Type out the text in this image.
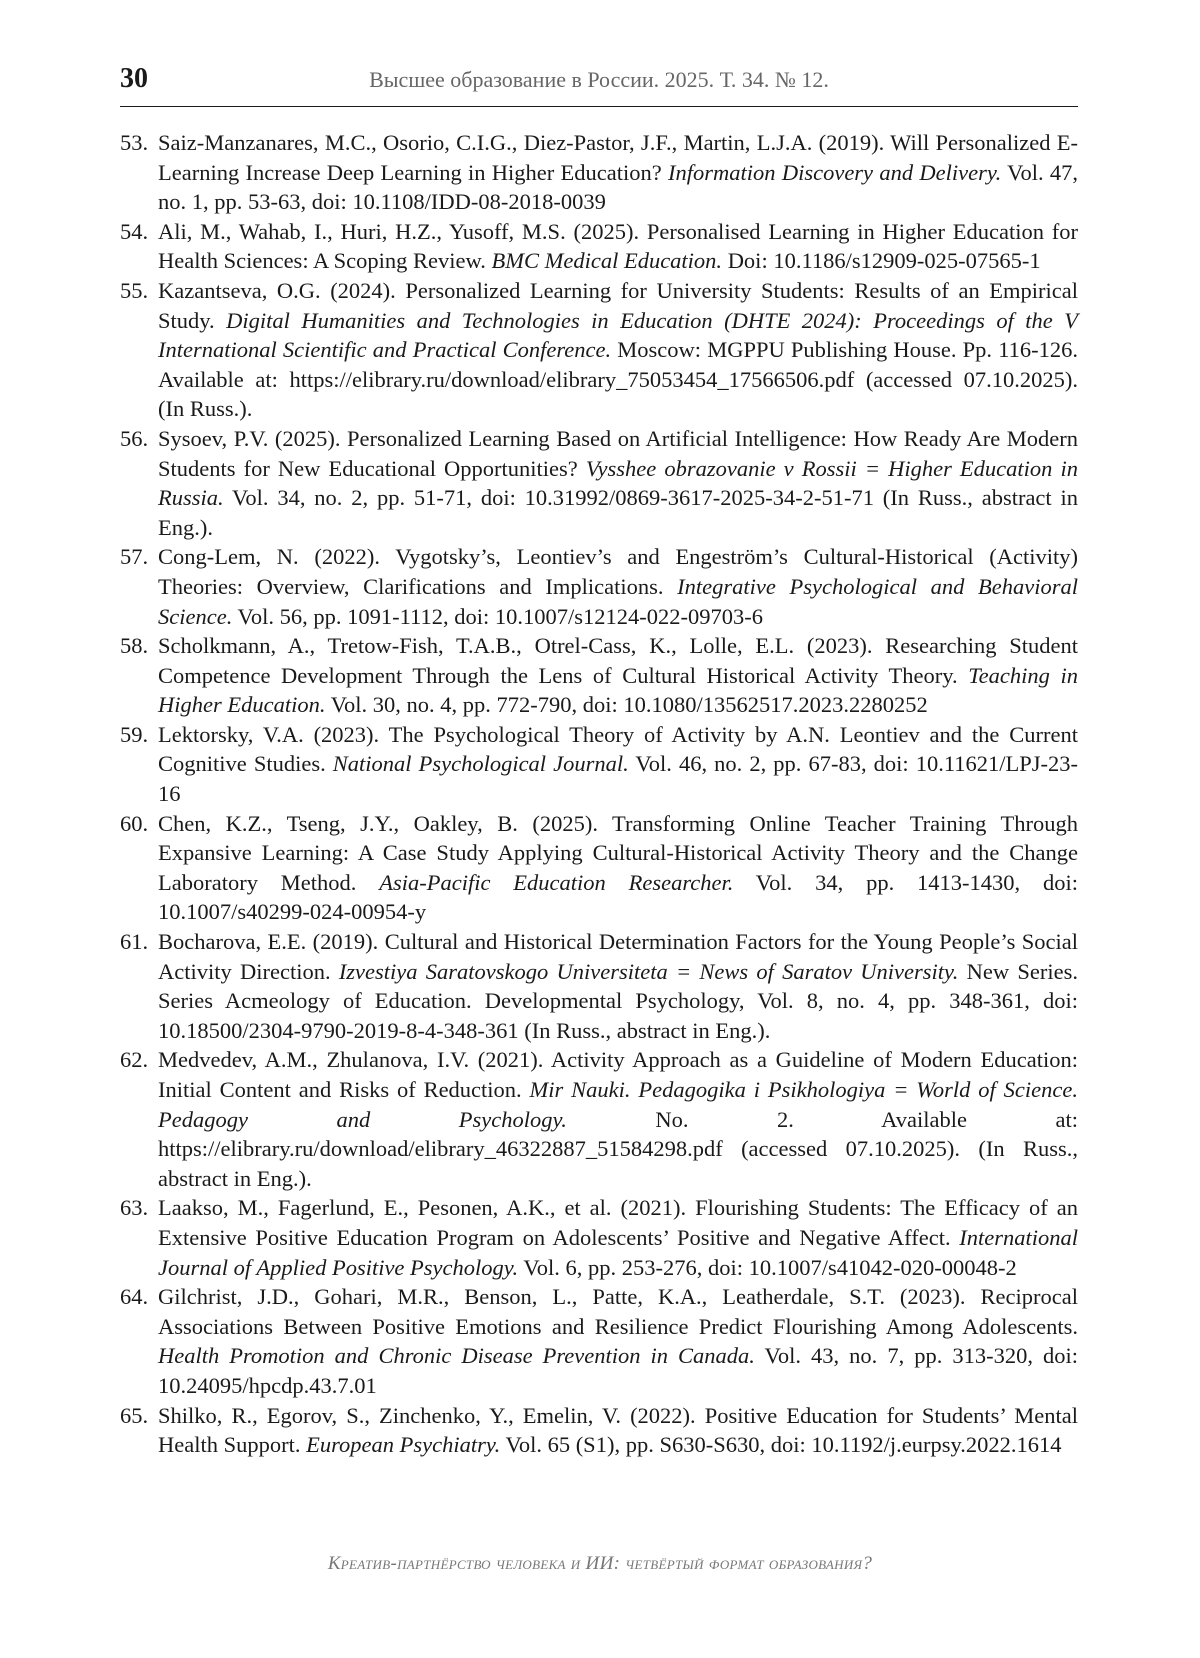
30	Высшее образование в России. 2025. Т. 34. № 12.
53. Saiz-Manzanares, M.C., Osorio, C.I.G., Diez-Pastor, J.F., Martin, L.J.A. (2019). Will Personalized E-Learning Increase Deep Learning in Higher Education? Information Discovery and Delivery. Vol. 47, no. 1, pp. 53-63, doi: 10.1108/IDD-08-2018-0039
54. Ali, M., Wahab, I., Huri, H.Z., Yusoff, M.S. (2025). Personalised Learning in Higher Education for Health Sciences: A Scoping Review. BMC Medical Education. Doi: 10.1186/s12909-025-07565-1
55. Kazantseva, O.G. (2024). Personalized Learning for University Students: Results of an Empirical Study. Digital Humanities and Technologies in Education (DHTE 2024): Proceedings of the V International Scientific and Practical Conference. Moscow: MGPPU Publishing House. Pp. 116-126. Available at: https://elibrary.ru/download/elibrary_75053454_17566506.pdf (accessed 07.10.2025). (In Russ.).
56. Sysoev, P.V. (2025). Personalized Learning Based on Artificial Intelligence: How Ready Are Modern Students for New Educational Opportunities? Vysshee obrazovanie v Rossii = Higher Education in Russia. Vol. 34, no. 2, pp. 51-71, doi: 10.31992/0869-3617-2025-34-2-51-71 (In Russ., abstract in Eng.).
57. Cong-Lem, N. (2022). Vygotsky’s, Leontiev’s and Engeström’s Cultural-Historical (Activity) Theories: Overview, Clarifications and Implications. Integrative Psychological and Behavioral Science. Vol. 56, pp. 1091-1112, doi: 10.1007/s12124-022-09703-6
58. Scholkmann, A., Tretow-Fish, T.A.B., Otrel-Cass, K., Lolle, E.L. (2023). Researching Student Competence Development Through the Lens of Cultural Historical Activity Theory. Teaching in Higher Education. Vol. 30, no. 4, pp. 772-790, doi: 10.1080/13562517.2023.2280252
59. Lektorsky, V.A. (2023). The Psychological Theory of Activity by A.N. Leontiev and the Current Cognitive Studies. National Psychological Journal. Vol. 46, no. 2, pp. 67-83, doi: 10.11621/LPJ-23-16
60. Chen, K.Z., Tseng, J.Y., Oakley, B. (2025). Transforming Online Teacher Training Through Expansive Learning: A Case Study Applying Cultural-Historical Activity Theory and the Change Laboratory Method. Asia-Pacific Education Researcher. Vol. 34, pp. 1413-1430, doi: 10.1007/s40299-024-00954-y
61. Bocharova, E.E. (2019). Cultural and Historical Determination Factors for the Young People’s Social Activity Direction. Izvestiya Saratovskogo Universiteta = News of Saratov University. New Series. Series Acmeology of Education. Developmental Psychology, Vol. 8, no. 4, pp. 348-361, doi: 10.18500/2304-9790-2019-8-4-348-361 (In Russ., abstract in Eng.).
62. Medvedev, A.M., Zhulanova, I.V. (2021). Activity Approach as a Guideline of Modern Education: Initial Content and Risks of Reduction. Mir Nauki. Pedagogika i Psikhologiya = World of Science. Pedagogy and Psychology. No. 2. Available at: https://elibrary.ru/download/elibrary_46322887_51584298.pdf (accessed 07.10.2025). (In Russ., abstract in Eng.).
63. Laakso, M., Fagerlund, E., Pesonen, A.K., et al. (2021). Flourishing Students: The Efficacy of an Extensive Positive Education Program on Adolescents’ Positive and Negative Affect. International Journal of Applied Positive Psychology. Vol. 6, pp. 253-276, doi: 10.1007/s41042-020-00048-2
64. Gilchrist, J.D., Gohari, M.R., Benson, L., Patte, K.A., Leatherdale, S.T. (2023). Reciprocal Associations Between Positive Emotions and Resilience Predict Flourishing Among Adolescents. Health Promotion and Chronic Disease Prevention in Canada. Vol. 43, no. 7, pp. 313-320, doi: 10.24095/hpcdp.43.7.01
65. Shilko, R., Egorov, S., Zinchenko, Y., Emelin, V. (2022). Positive Education for Students’ Mental Health Support. European Psychiatry. Vol. 65 (S1), pp. S630-S630, doi: 10.1192/j.eurpsy.2022.1614
Креатив-партнёрство человека и ИИ: четвёртый формат образования?
